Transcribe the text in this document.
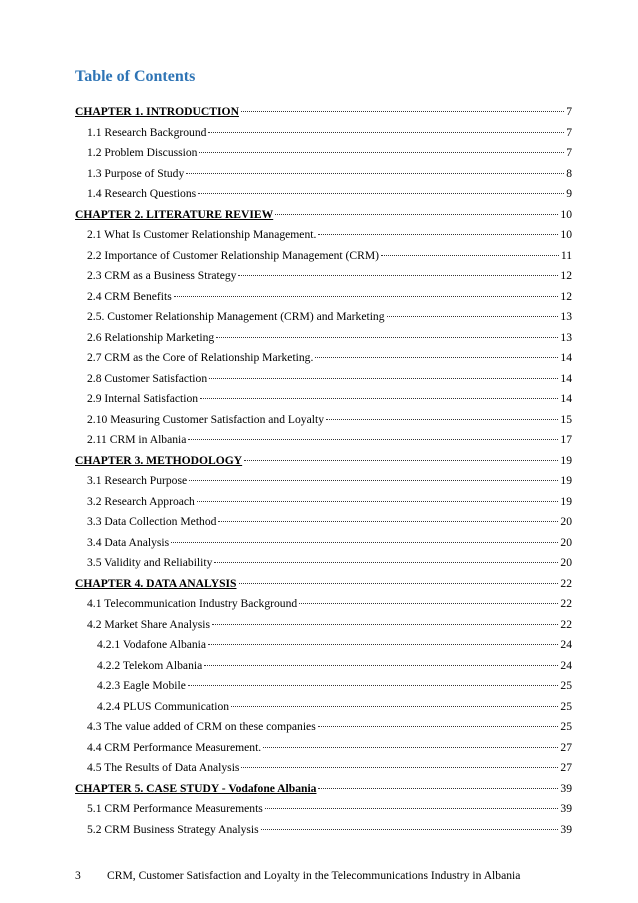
Table of Contents
CHAPTER 1. INTRODUCTION	7
1.1 Research Background	7
1.2 Problem Discussion	7
1.3 Purpose of Study	8
1.4 Research Questions	9
CHAPTER 2. LITERATURE REVIEW	10
2.1 What Is Customer Relationship Management.	10
2.2 Importance of Customer Relationship Management (CRM)	11
2.3 CRM as a Business Strategy	12
2.4 CRM Benefits	12
2.5. Customer Relationship Management (CRM) and Marketing	13
2.6 Relationship Marketing	13
2.7 CRM as the Core of Relationship Marketing.	14
2.8 Customer Satisfaction	14
2.9 Internal Satisfaction	14
2.10 Measuring Customer Satisfaction and Loyalty	15
2.11 CRM in Albania	17
CHAPTER 3. METHODOLOGY	19
3.1 Research Purpose	19
3.2 Research Approach	19
3.3 Data Collection Method	20
3.4 Data Analysis	20
3.5 Validity and Reliability	20
CHAPTER 4. DATA ANALYSIS	22
4.1 Telecommunication Industry Background	22
4.2 Market Share Analysis	22
4.2.1 Vodafone Albania	24
4.2.2 Telekom Albania	24
4.2.3 Eagle Mobile	25
4.2.4 PLUS Communication	25
4.3 The value added of CRM on these companies	25
4.4 CRM Performance Measurement.	27
4.5 The Results of Data Analysis	27
CHAPTER 5. CASE STUDY - Vodafone Albania	39
5.1 CRM Performance Measurements	39
5.2 CRM Business Strategy Analysis	39
3	CRM, Customer Satisfaction and Loyalty in the Telecommunications Industry in Albania
